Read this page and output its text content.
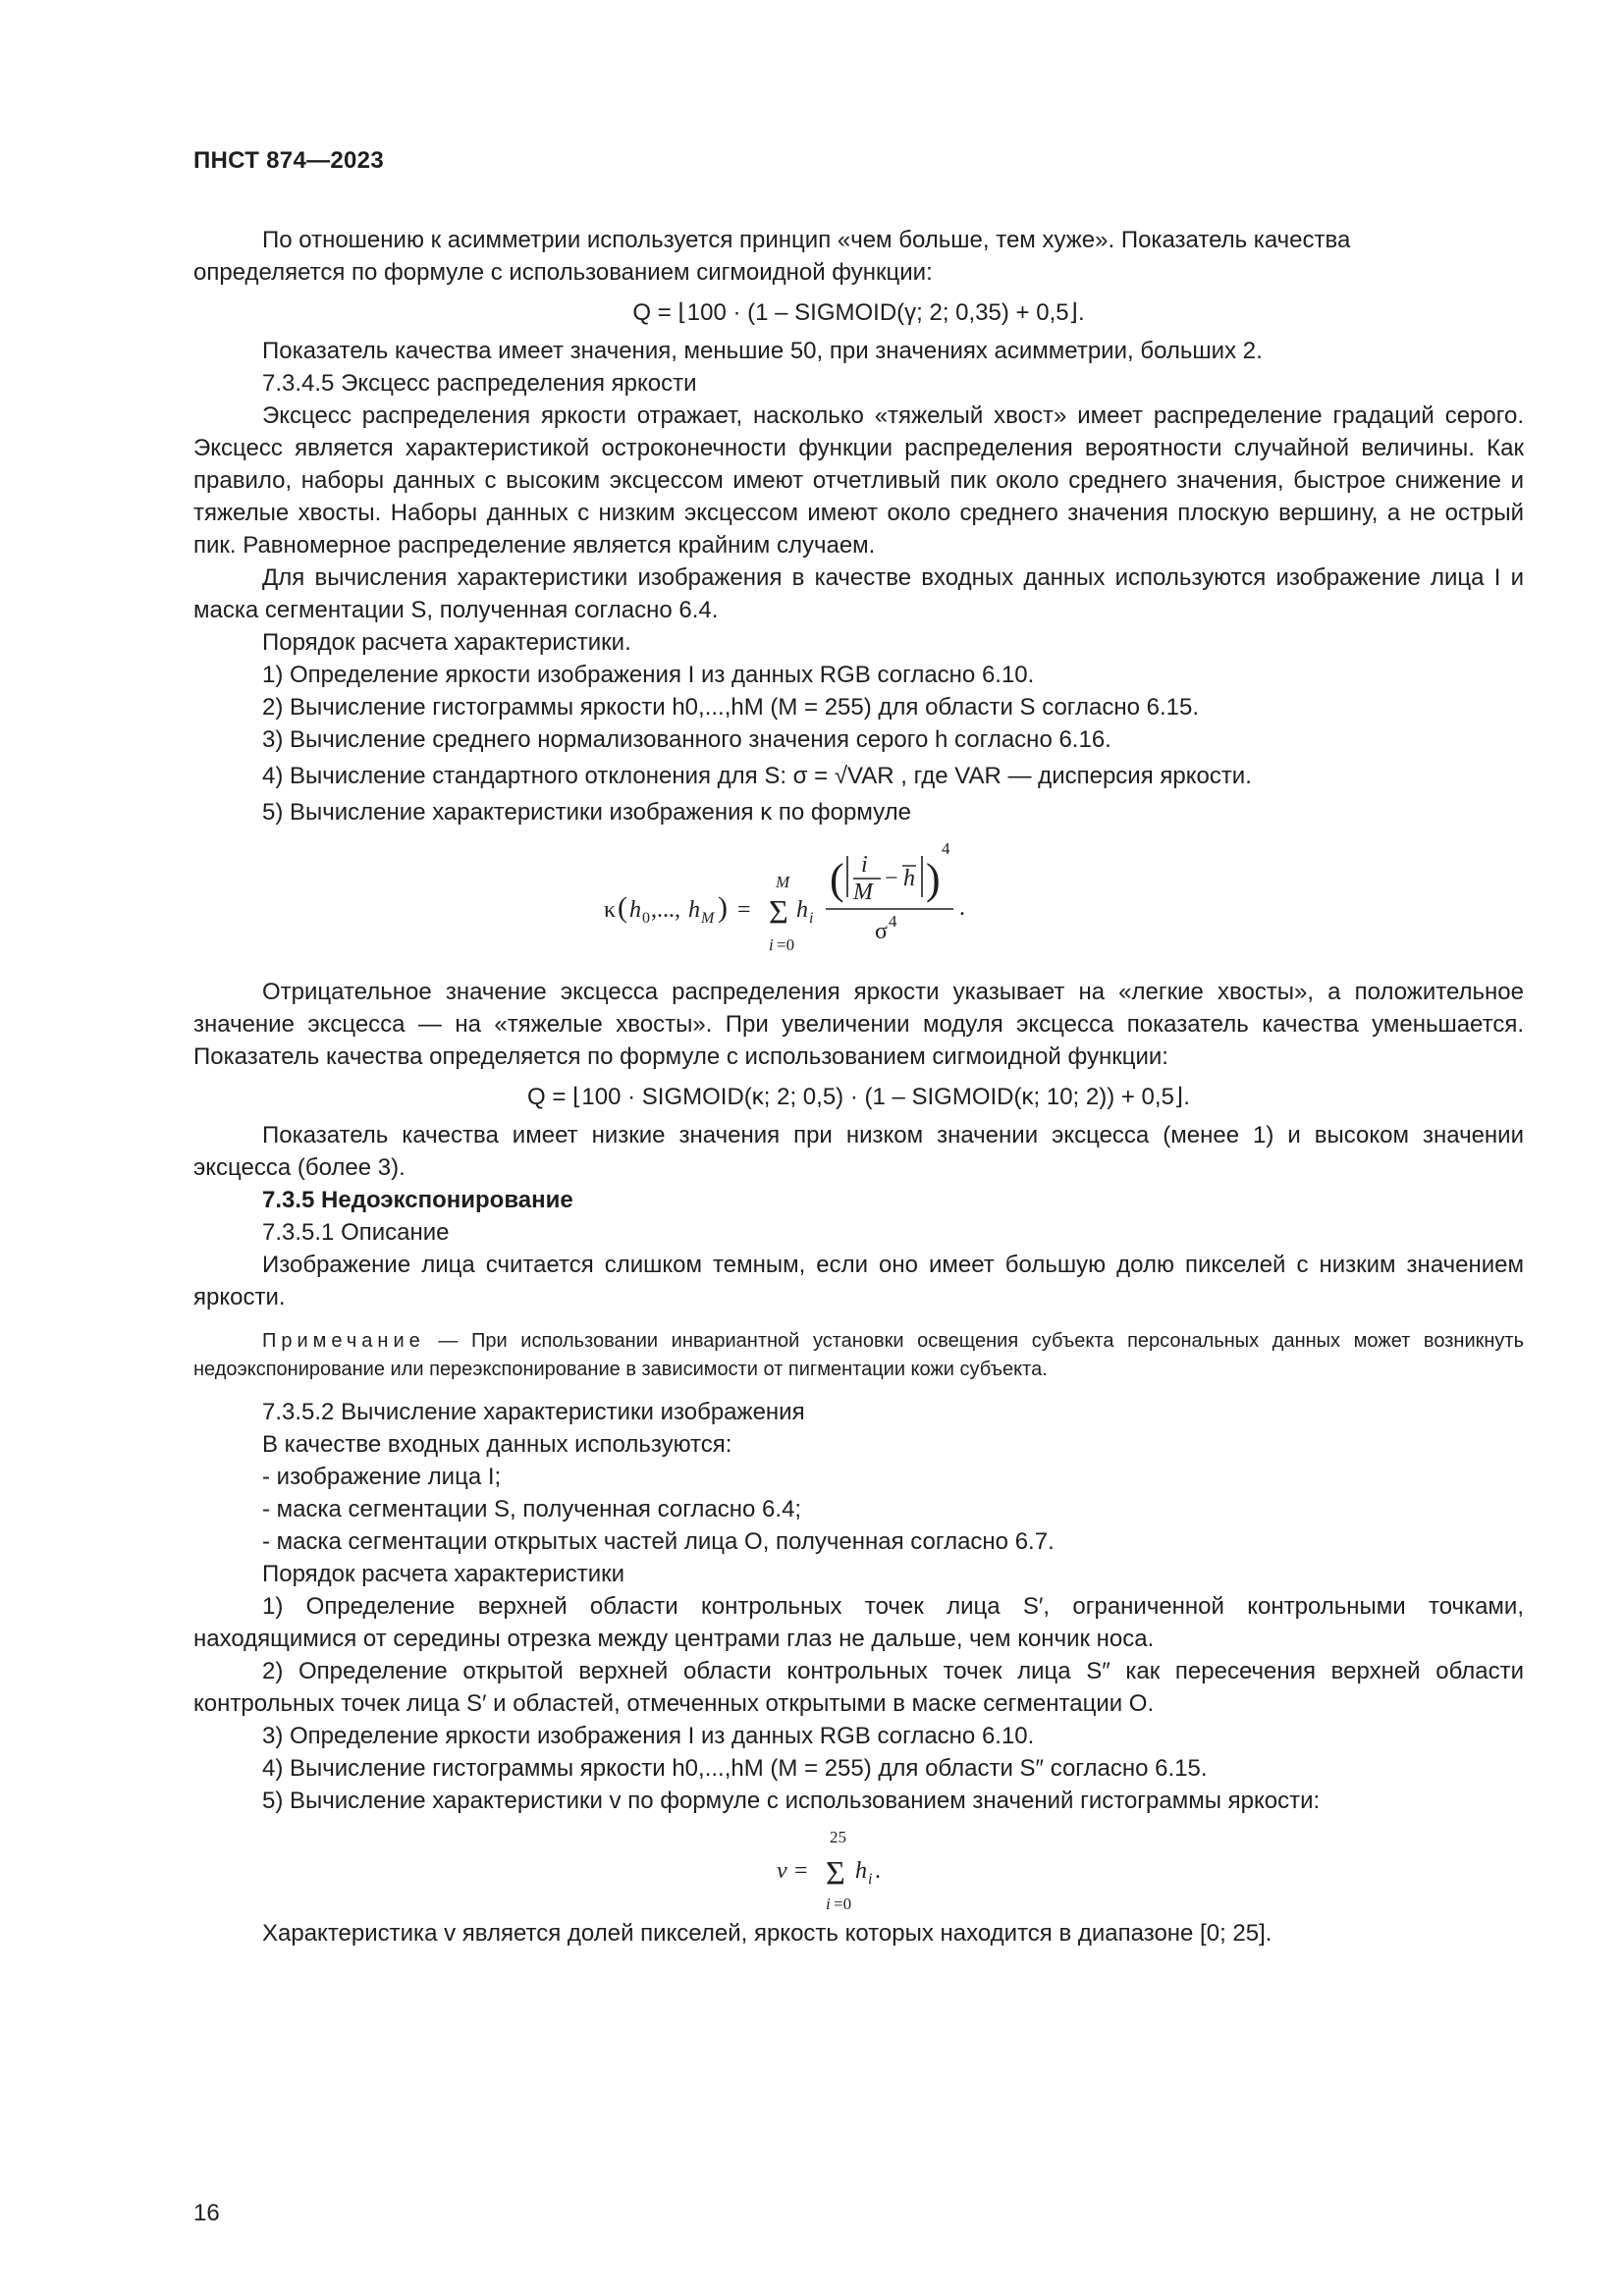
ПНСТ 874—2023

По отношению к асимметрии используется принцип «чем больше, тем хуже». Показатель качества

определяется по формуле с использованием сигмоидной функции:

Q = ⌊100 · (1 – SIGMOID(γ; 2; 0,35) + 0,5⌋.

Показатель качества имеет значения, меньшие 50, при значениях асимметрии, больших 2.

7.3.4.5 Эксцесс распределения яркости

Эксцесс распределения яркости отражает, насколько «тяжелый хвост» имеет распределение градаций серого. Эксцесс является характеристикой остроконечности функции распределения вероятности случайной величины. Как правило, наборы данных с высоким эксцессом имеют отчетливый пик около среднего значения, быстрое снижение и тяжелые хвосты. Наборы данных с низким эксцессом имеют около среднего значения плоскую вершину, а не острый пик. Равномерное распределение является крайним случаем.

Для вычисления характеристики изображения в качестве входных данных используются изображение лица I и маска сегментации S, полученная согласно 6.4.

Порядок расчета характеристики.

1) Определение яркости изображения I из данных RGB согласно 6.10.

2) Вычисление гистограммы яркости h0,...,hM (M = 255) для области S согласно 6.15.

3) Вычисление среднего нормализованного значения серого h согласно 6.16.

4) Вычисление стандартного отклонения для S: σ = √VAR , где VAR — дисперсия яркости.

5) Вычисление характеристики изображения κ по формуле

κ ( h 0 ,..., h M ) =
M
Σ
i =0
h i
( i
M
− h )
4
σ 4
.

Отрицательное значение эксцесса распределения яркости указывает на «легкие хвосты», а положительное значение эксцесса — на «тяжелые хвосты». При увеличении модуля эксцесса показатель качества уменьшается. Показатель качества определяется по формуле с использованием сигмоидной функции:

Q = ⌊100 · SIGMOID(κ; 2; 0,5) · (1 – SIGMOID(κ; 10; 2)) + 0,5⌋.

Показатель качества имеет низкие значения при низком значении эксцесса (менее 1) и высоком значении эксцесса (более 3).

7.3.5 Недоэкспонирование

7.3.5.1 Описание

Изображение лица считается слишком темным, если оно имеет большую долю пикселей с низким значением яркости.

Примечание — При использовании инвариантной установки освещения субъекта персональных данных может возникнуть недоэкспонирование или переэкспонирование в зависимости от пигментации кожи субъекта.

7.3.5.2 Вычисление характеристики изображения

В качестве входных данных используются:

- изображение лица I;

- маска сегментации S, полученная согласно 6.4;

- маска сегментации открытых частей лица O, полученная согласно 6.7.

Порядок расчета характеристики

1) Определение верхней области контрольных точек лица S′, ограниченной контрольными точками, находящимися от середины отрезка между центрами глаз не дальше, чем кончик носа.

2) Определение открытой верхней области контрольных точек лица S″ как пересечения верхней области контрольных точек лица S′ и областей, отмеченных открытыми в маске сегментации O.

3) Определение яркости изображения I из данных RGB согласно 6.10.

4) Вычисление гистограммы яркости h0,...,hM (M = 255) для области S″ согласно 6.15.

5) Вычисление характеристики v по формуле с использованием значений гистограммы яркости:

v =
25
Σ
i =0
h i .

Характеристика v является долей пикселей, яркость которых находится в диапазоне [0; 25].

16
